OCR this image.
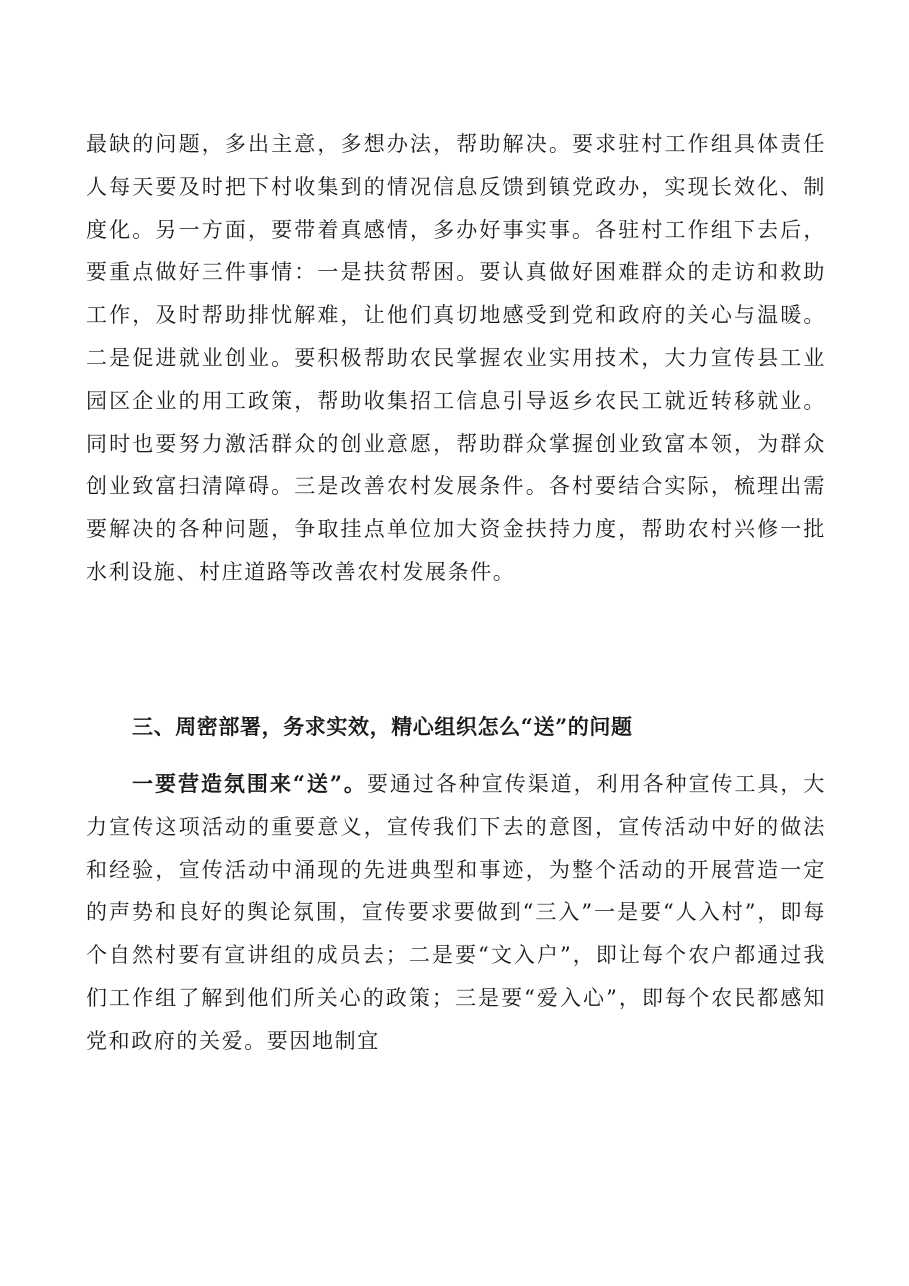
最缺的问题，多出主意，多想办法，帮助解决。要求驻村工作组具体责任人每天要及时把下村收集到的情况信息反馈到镇党政办，实现长效化、制度化。另一方面，要带着真感情，多办好事实事。各驻村工作组下去后，要重点做好三件事情：一是扶贫帮困。要认真做好困难群众的走访和救助工作，及时帮助排忧解难，让他们真切地感受到党和政府的关心与温暖。二是促进就业创业。要积极帮助农民掌握农业实用技术，大力宣传县工业园区企业的用工政策，帮助收集招工信息引导返乡农民工就近转移就业。同时也要努力激活群众的创业意愿，帮助群众掌握创业致富本领，为群众创业致富扫清障碍。三是改善农村发展条件。各村要结合实际，梳理出需要解决的各种问题，争取挂点单位加大资金扶持力度，帮助农村兴修一批水利设施、村庄道路等改善农村发展条件。

三、周密部署，务求实效，精心组织怎么“送”的问题

一要营造氛围来“送”。要通过各种宣传渠道，利用各种宣传工具，大力宣传这项活动的重要意义，宣传我们下去的意图，宣传活动中好的做法和经验，宣传活动中涌现的先进典型和事迹，为整个活动的开展营造一定的声势和良好的舆论氛围，宣传要求要做到“三入”一是要“人入村”，即每个自然村要有宣讲组的成员去；二是要“文入户”，即让每个农户都通过我们工作组了解到他们所关心的政策；三是要“爱入心”，即每个农民都感知党和政府的关爱。要因地制宜
